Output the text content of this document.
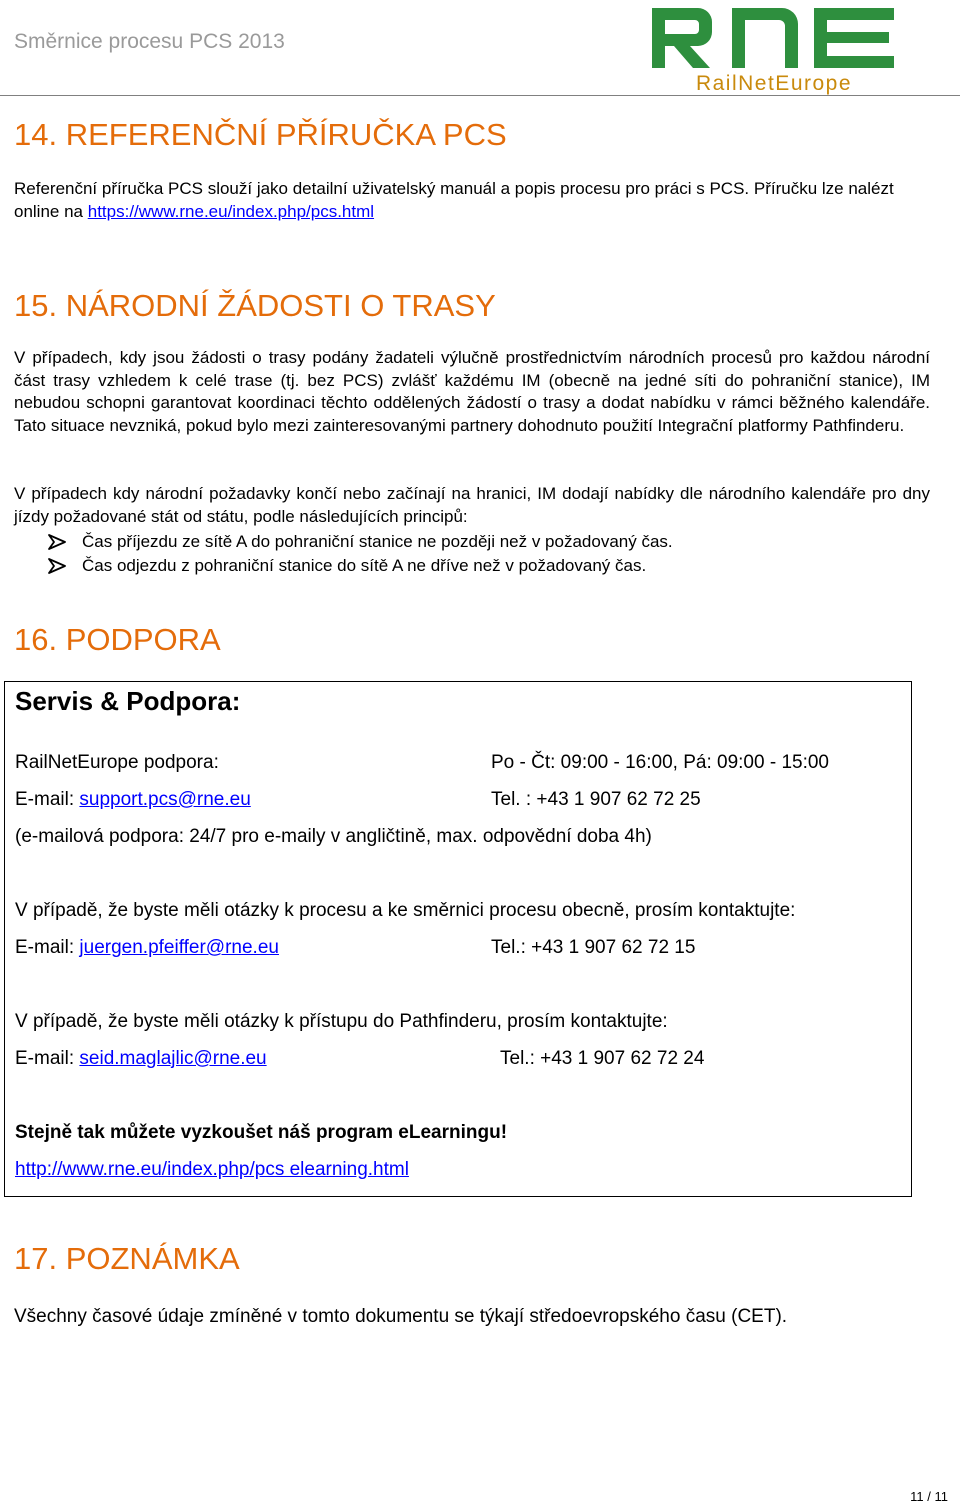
Směrnice procesu PCS 2013
RailNetEurope
14. REFERENČNÍ PŘÍRUČKA PCS
Referenční příručka PCS slouží jako detailní uživatelský manuál a popis procesu pro práci s PCS. Příručku lze nalézt online na https://www.rne.eu/index.php/pcs.html
15. NÁRODNÍ ŽÁDOSTI O TRASY
V případech, kdy jsou žádosti o trasy podány žadateli výlučně prostřednictvím národních procesů pro každou národní část trasy vzhledem k celé trase (tj. bez PCS) zvlášť každému IM (obecně na jedné síti do pohraniční stanice), IM nebudou schopni garantovat koordinaci těchto oddělených žádostí o trasy a dodat nabídku v rámci běžného kalendáře. Tato situace nevzniká, pokud bylo mezi zainteresovanými partnery dohodnuto použití Integrační platformy Pathfinderu.
V případech kdy národní požadavky končí nebo začínají na hranici, IM dodají nabídky dle národního kalendáře pro dny jízdy požadované stát od státu, podle následujících principů:
Čas příjezdu ze sítě A do pohraniční stanice ne později než v požadovaný čas.
Čas odjezdu z pohraniční stanice do sítě A ne dříve než v požadovaný čas.
16. PODPORA
Servis & Podpora:
RailNetEurope podpora:	Po - Čt: 09:00 - 16:00, Pá: 09:00 - 15:00
E-mail: support.pcs@rne.eu	Tel. : +43 1 907 62 72 25
(e-mailová podpora: 24/7 pro e-maily v angličtině, max. odpovědní doba 4h)
V případě, že byste měli otázky k procesu a ke směrnici procesu obecně, prosím kontaktujte:
E-mail: juergen.pfeiffer@rne.eu	Tel.: +43 1 907 62 72 15
V případě, že byste měli otázky k přístupu do Pathfinderu, prosím kontaktujte:
E-mail: seid.maglajlic@rne.eu	Tel.: +43 1 907 62 72 24
Stejně tak můžete vyzkoušet náš program eLearningu!
http://www.rne.eu/index.php/pcs elearning.html
17. POZNÁMKA
Všechny časové údaje zmíněné v tomto dokumentu se týkají středoevropského času (CET).
11 / 11
